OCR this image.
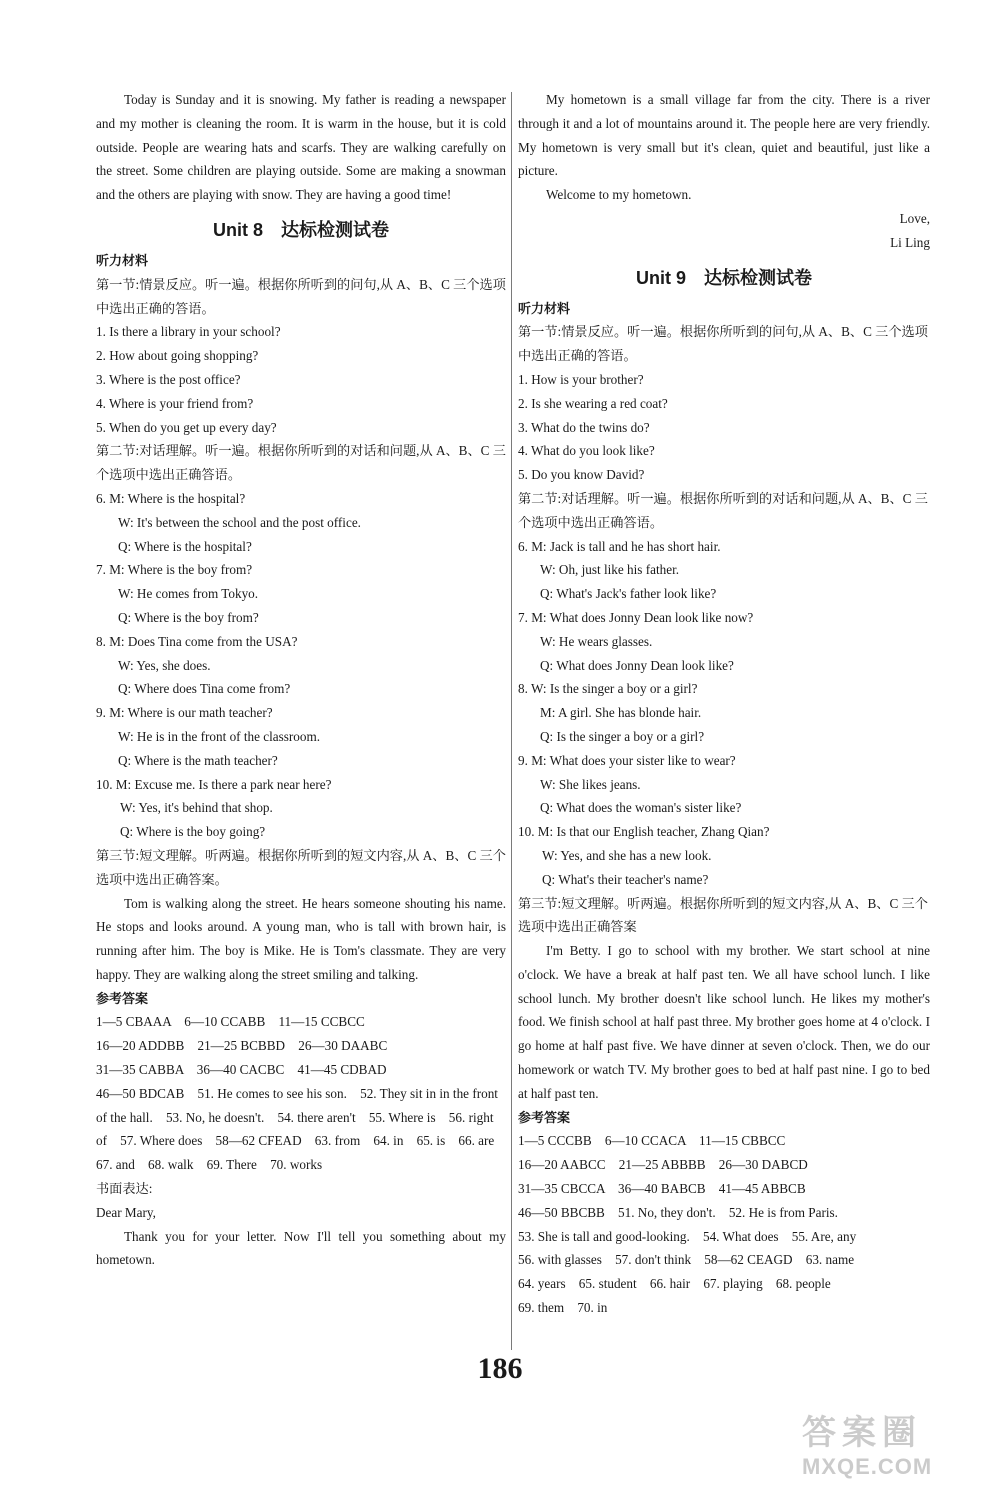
Today is Sunday and it is snowing. My father is reading a newspaper and my mother is cleaning the room. It is warm in the house, but it is cold outside. People are wearing hats and scarfs. They are walking carefully on the street. Some children are playing outside. Some are making a snowman and the others are playing with snow. They are having a good time!

Unit 8　达标检测试卷
听力材料

第一节:情景反应。听一遍。根据你所听到的问句,从 A、B、C 三个选项中选出正确的答语。

1. Is there a library in your school?
2. How about going shopping?
3. Where is the post office?
4. Where is your friend from?
5. When do you get up every day?

第二节:对话理解。听一遍。根据你所听到的对话和问题,从 A、B、C 三个选项中选出正确答语。

6. M: Where is the hospital?
W: It's between the school and the post office.
Q: Where is the hospital?
7. M: Where is the boy from?
W: He comes from Tokyo.
Q: Where is the boy from?
8. M: Does Tina come from the USA?
W: Yes, she does.
Q: Where does Tina come from?
9. M: Where is our math teacher?
W: He is in the front of the classroom.
Q: Where is the math teacher?
10. M: Excuse me. Is there a park near here?
W: Yes, it's behind that shop.
Q: Where is the boy going?

第三节:短文理解。听两遍。根据你所听到的短文内容,从 A、B、C 三个选项中选出正确答案。

Tom is walking along the street. He hears someone shouting his name. He stops and looks around. A young man, who is tall with brown hair, is running after him. The boy is Mike. He is Tom's classmate. They are very happy. They are walking along the street smiling and talking.

参考答案
1—5 CBAAA　6—10 CCABB　11—15 CCBCC
16—20 ADDBB　21—25 BCBBD　26—30 DAABC
31—35 CABBA　36—40 CACBC　41—45 CDBAD

46—50 BDCAB　51. He comes to see his son.　52. They sit in in the front of the hall.　53. No, he doesn't.　54. there aren't　55. Where is　56. right of　57. Where does　58—62 CFEAD　63. from　64. in　65. is　66. are　67. and　68. walk　69. There　70. works

书面表达:
Dear Mary,

Thank you for your letter. Now I'll tell you something about my hometown.

My hometown is a small village far from the city. There is a river through it and a lot of mountains around it. The people here are very friendly. My hometown is very small but it's clean, quiet and beautiful, just like a picture.

Welcome to my hometown.

Love,
Li Ling
Unit 9　达标检测试卷
听力材料

第一节:情景反应。听一遍。根据你所听到的问句,从 A、B、C 三个选项中选出正确的答语。

1. How is your brother?
2. Is she wearing a red coat?
3. What do the twins do?
4. What do you look like?
5. Do you know David?

第二节:对话理解。听一遍。根据你所听到的对话和问题,从 A、B、C 三个选项中选出正确答语。

6. M: Jack is tall and he has short hair.
W: Oh, just like his father.
Q: What's Jack's father look like?
7. M: What does Jonny Dean look like now?
W: He wears glasses.
Q: What does Jonny Dean look like?
8. W: Is the singer a boy or a girl?
M: A girl. She has blonde hair.
Q: Is the singer a boy or a girl?
9. M: What does your sister like to wear?
W: She likes jeans.
Q: What does the woman's sister like?
10. M: Is that our English teacher, Zhang Qian?
W: Yes, and she has a new look.
Q: What's their teacher's name?

第三节:短文理解。听两遍。根据你所听到的短文内容,从 A、B、C 三个选项中选出正确答案

I'm Betty. I go to school with my brother. We start school at nine o'clock. We have a break at half past ten. We all have school lunch. I like school lunch. My brother doesn't like school lunch. He likes my mother's food. We finish school at half past three. My brother goes home at 4 o'clock. I go home at half past five. We have dinner at seven o'clock. Then, we do our homework or watch TV. My brother goes to bed at half past nine. I go to bed at half past ten.

参考答案
1—5 CCCBB　6—10 CCACA　11—15 CBBCC
16—20 AABCC　21—25 ABBBB　26—30 DABCD
31—35 CBCCA　36—40 BABCB　41—45 ABBCB
46—50 BBCBB　51. No, they don't.　52. He is from Paris.
53. She is tall and good-looking.　54. What does　55. Are, any
56. with glasses　57. don't think　58—62 CEAGD　63. name
64. years　65. student　66. hair　67. playing　68. people
69. them　70. in
186
答案圈
MXQE.COM
